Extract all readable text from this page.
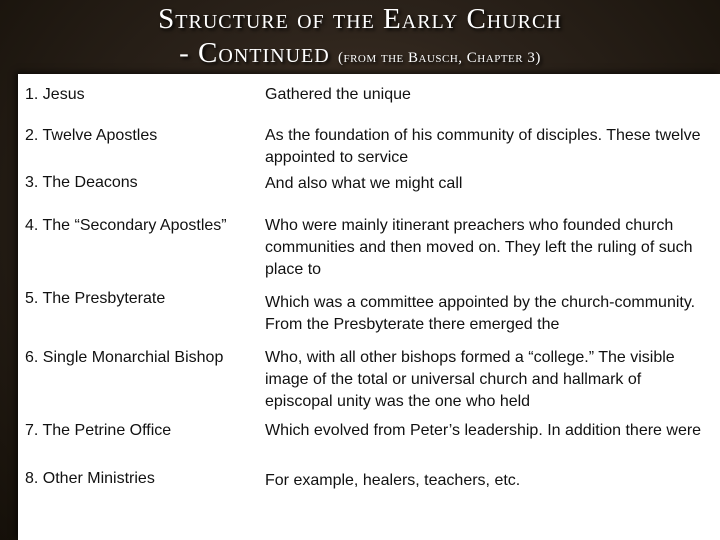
Structure of the Early Church
- Continued (from the Bausch, Chapter 3)
1. Jesus	Gathered the unique
2. Twelve Apostles	As the foundation of his community of disciples. These twelve appointed to service
3. The Deacons	And also what we might call
4. The “Secondary Apostles”	Who were mainly itinerant preachers who founded church communities and then moved on. They left the ruling of such place to
5. The Presbyterate	Which was a committee appointed by the church-community. From the Presbyterate there emerged the
6. Single Monarchial Bishop	Who, with all other bishops formed a “college.” The visible image of the total or universal church and hallmark of episcopal unity was the one who held
7. The Petrine Office	Which evolved from Peter’s leadership. In addition there were
8. Other Ministries	For example, healers, teachers, etc.
